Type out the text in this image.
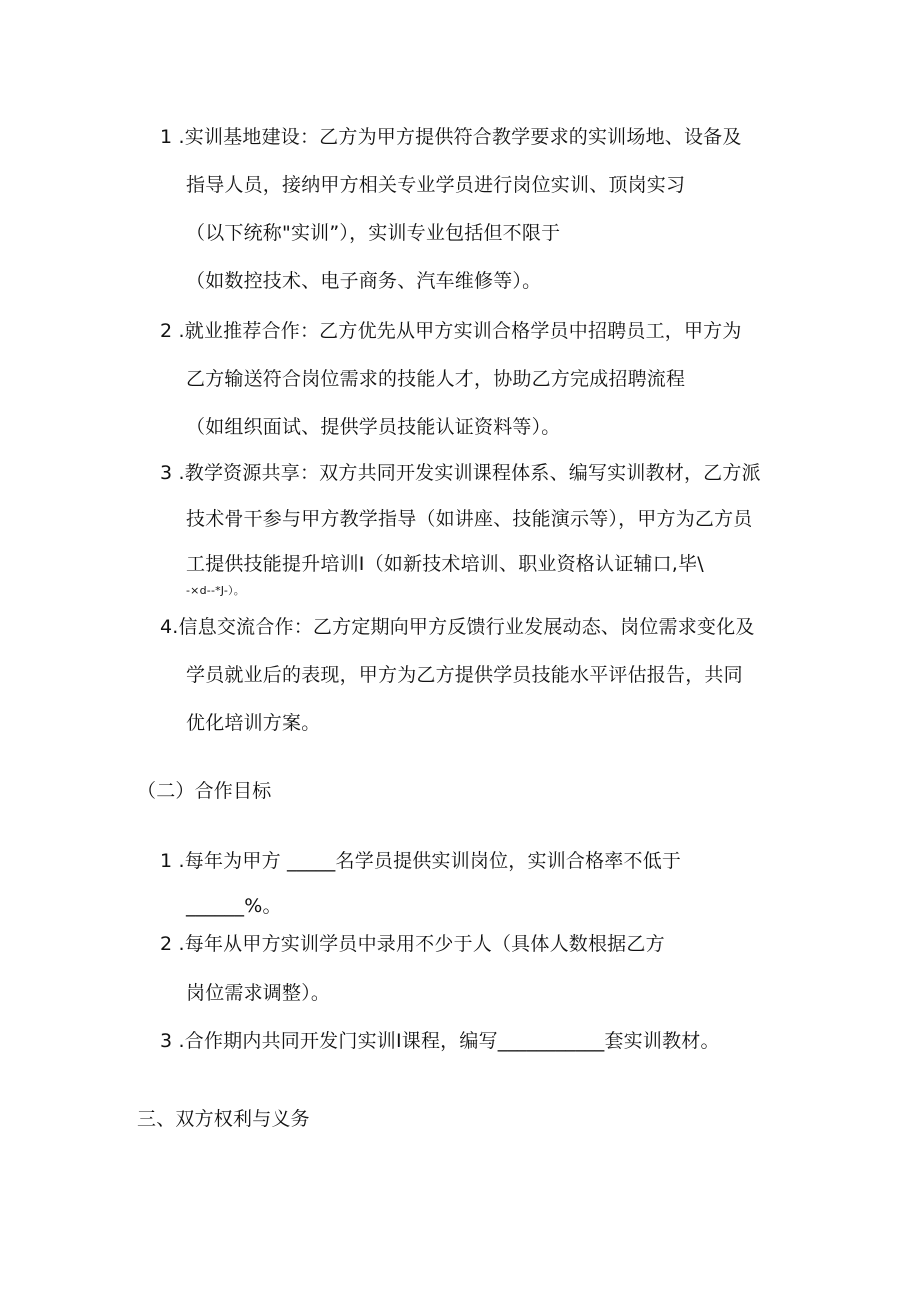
1 .实训基地建设：乙方为甲方提供符合教学要求的实训场地、设备及
指导人员，接纳甲方相关专业学员进行岗位实训、顶岗实习
（以下统称"实训”），实训专业包括但不限于
（如数控技术、电子商务、汽车维修等）。
2 .就业推荐合作：乙方优先从甲方实训合格学员中招聘员工，甲方为
乙方输送符合岗位需求的技能人才，协助乙方完成招聘流程
（如组织面试、提供学员技能认证资料等）。
3 .教学资源共享：双方共同开发实训课程体系、编写实训教材，乙方派
技术骨干参与甲方教学指导（如讲座、技能演示等），甲方为乙方员
工提供技能提升培训I（如新技术培训、职业资格认证辅口,毕\
-×d--*J-）。
4.信息交流合作：乙方定期向甲方反馈行业发展动态、岗位需求变化及
学员就业后的表现，甲方为乙方提供学员技能水平评估报告，共同
优化培训方案。
（二）合作目标
1 .每年为甲方 _____名学员提供实训岗位，实训合格率不低于
______%。
2 .每年从甲方实训学员中录用不少于人（具体人数根据乙方
岗位需求调整）。
3 .合作期内共同开发门实训I课程，编写___________套实训教材。
三、双方权利与义务
